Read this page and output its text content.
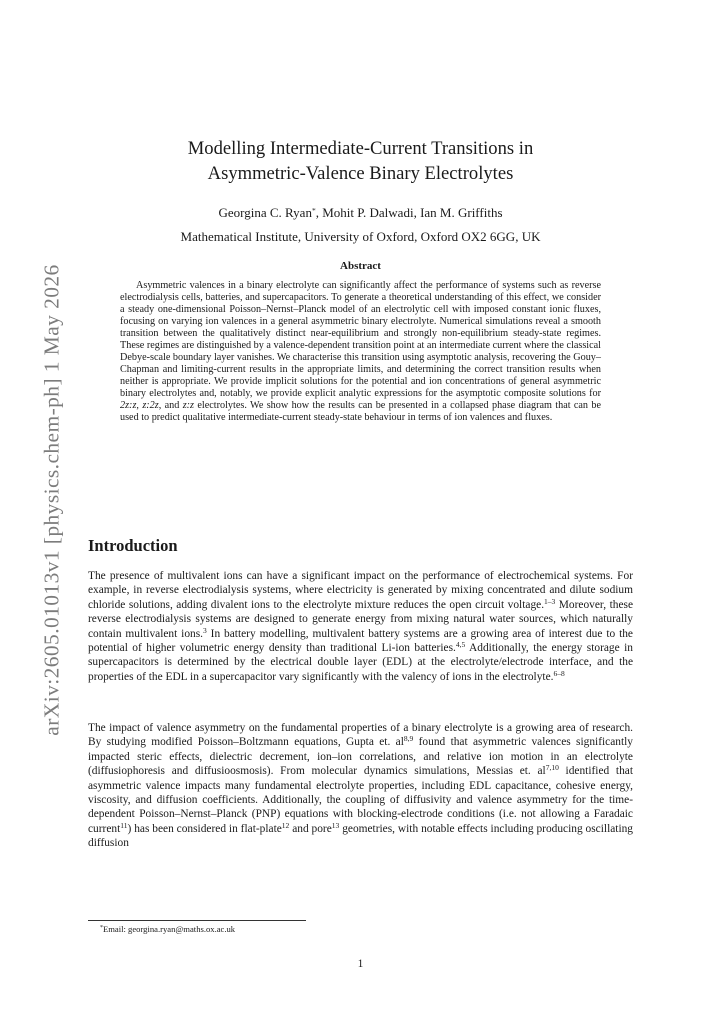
arXiv:2605.01013v1 [physics.chem-ph] 1 May 2026
Modelling Intermediate-Current Transitions in
Asymmetric-Valence Binary Electrolytes
Georgina C. Ryan*, Mohit P. Dalwadi, Ian M. Griffiths
Mathematical Institute, University of Oxford, Oxford OX2 6GG, UK
Abstract

Asymmetric valences in a binary electrolyte can significantly affect the performance of systems such as reverse electrodialysis cells, batteries, and supercapacitors. To generate a theoretical understanding of this effect, we consider a steady one-dimensional Poisson–Nernst–Planck model of an electrolytic cell with imposed constant ionic fluxes, focusing on varying ion valences in a general asymmetric binary electrolyte. Numerical simulations reveal a smooth transition between the qualitatively distinct near-equilibrium and strongly non-equilibrium steady-state regimes. These regimes are distinguished by a valence-dependent transition point at an intermediate current where the classical Debye-scale boundary layer vanishes. We characterise this transition using asymptotic analysis, recovering the Gouy–Chapman and limiting-current results in the appropriate limits, and determining the correct transition results when neither is appropriate. We provide implicit solutions for the potential and ion concentrations of general asymmetric binary electrolytes and, notably, we provide explicit analytic expressions for the asymptotic composite solutions for 2z:z, z:2z, and z:z electrolytes. We show how the results can be presented in a collapsed phase diagram that can be used to predict qualitative intermediate-current steady-state behaviour in terms of ion valences and fluxes.

Introduction

The presence of multivalent ions can have a significant impact on the performance of electrochemical systems. For example, in reverse electrodialysis systems, where electricity is generated by mixing concentrated and dilute sodium chloride solutions, adding divalent ions to the electrolyte mixture reduces the open circuit voltage.$^{1-3}$ Moreover, these reverse electrodialysis systems are designed to generate energy from mixing natural water sources, which naturally contain multivalent ions.$^3$ In battery modelling, multivalent battery systems are a growing area of interest due to the potential of higher volumetric energy density than traditional Li-ion batteries.$^{4,5}$ Additionally, the energy storage in supercapacitors is determined by the electrical double layer (EDL) at the electrolyte/electrode interface, and the properties of the EDL in a supercapacitor vary significantly with the valency of ions in the electrolyte.$^{6-8}$

The impact of valence asymmetry on the fundamental properties of a binary electrolyte is a growing area of research. By studying modified Poisson–Boltzmann equations, Gupta et. al$^{8,9}$ found that asymmetric valences significantly impacted steric effects, dielectric decrement, ion–ion correlations, and relative ion motion in an electrolyte (diffusiophoresis and diffusioosmosis). From molecular dynamics simulations, Messias et. al$^{7,10}$ identified that asymmetric valence impacts many fundamental electrolyte properties, including EDL capacitance, cohesive energy, viscosity, and diffusion coefficients. Additionally, the coupling of diffusivity and valence asymmetry for the time-dependent Poisson–Nernst–Planck (PNP) equations with blocking-electrode conditions (i.e. not allowing a Faradaic current$^{11}$) has been considered in flat-plate$^{12}$ and pore$^{13}$ geometries, with notable effects including producing oscillating diffusion

*Email: georgina.ryan@maths.ox.ac.uk
1
